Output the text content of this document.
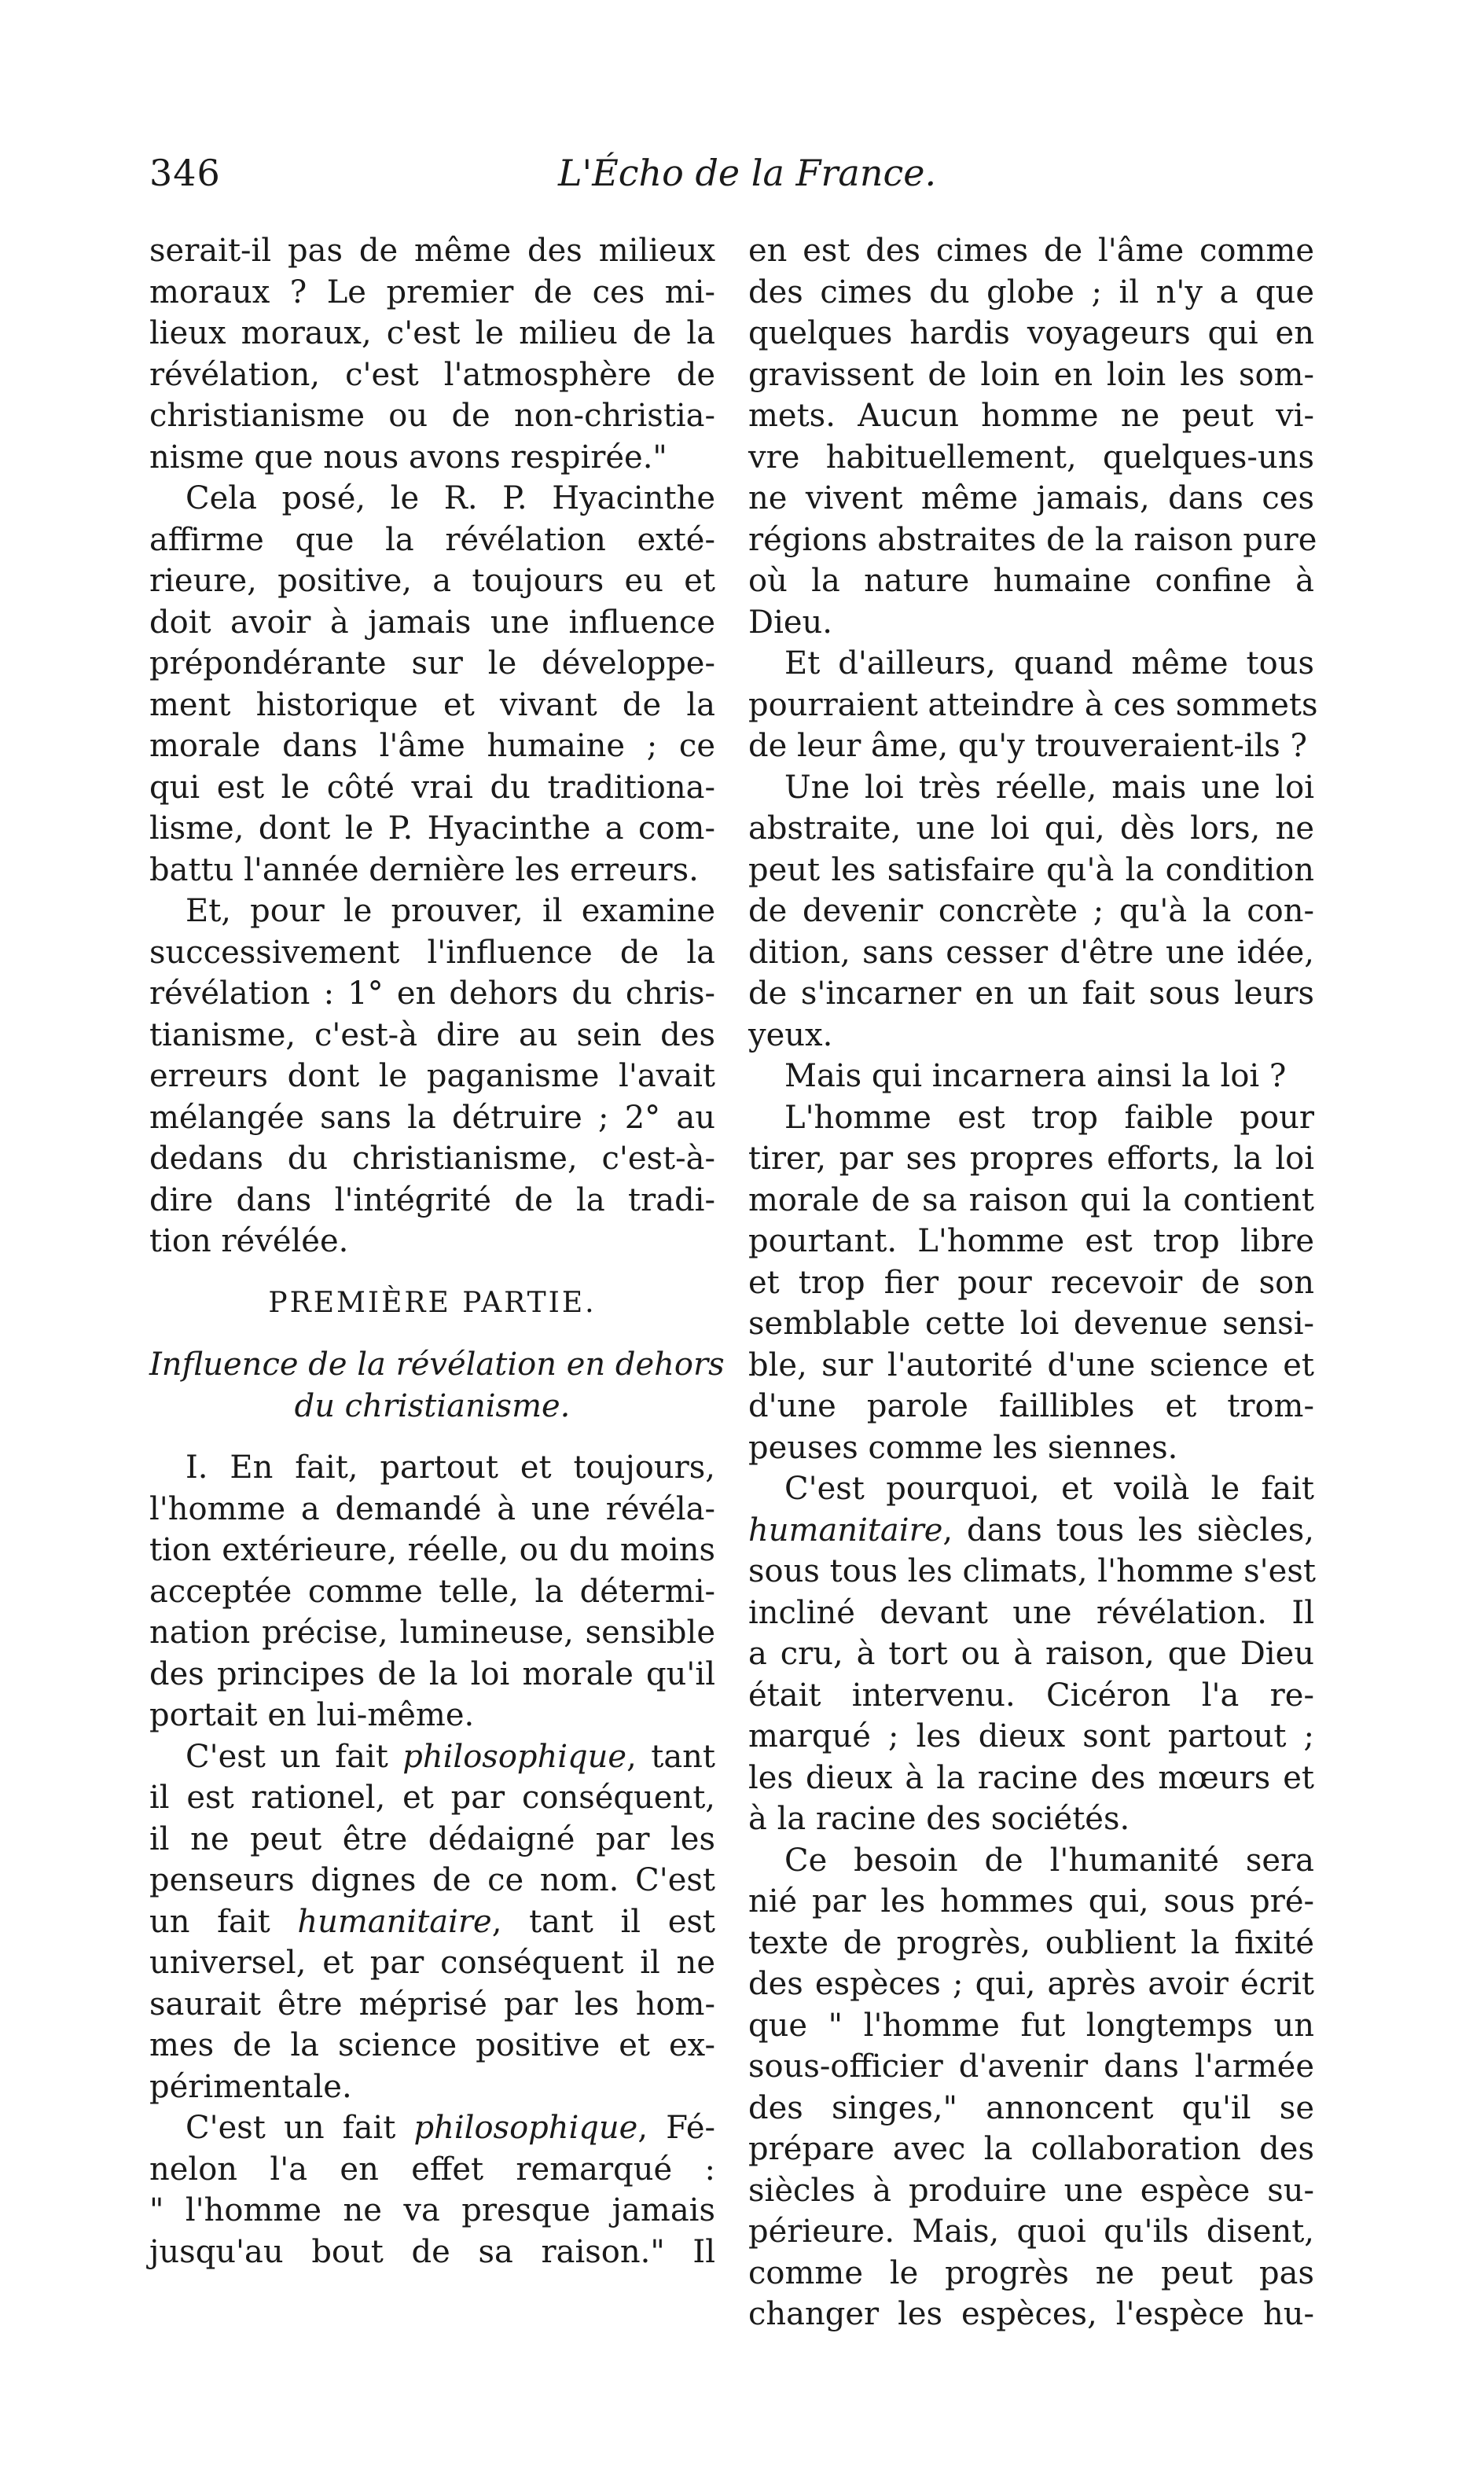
346	L'Écho de la France.
serait-il pas de même des milieux
moraux ? Le premier de ces mi-
lieux moraux, c'est le milieu de la
révélation, c'est l'atmosphère de
christianisme ou de non-christia-
nisme que nous avons respirée."
Cela posé, le R. P. Hyacinthe
affirme que la révélation exté-
rieure, positive, a toujours eu et
doit avoir à jamais une influence
prépondérante sur le développe-
ment historique et vivant de la
morale dans l'âme humaine ; ce
qui est le côté vrai du traditiona-
lisme, dont le P. Hyacinthe a com-
battu l'année dernière les erreurs.
Et, pour le prouver, il examine
successivement l'influence de la
révélation : 1° en dehors du chris-
tianisme, c'est-à dire au sein des
erreurs dont le paganisme l'avait
mélangée sans la détruire ; 2° au
dedans du christianisme, c'est-à-
dire dans l'intégrité de la tradi-
tion révélée.
PREMIÈRE PARTIE.
Influence de la révélation en dehors
du christianisme.
I. En fait, partout et toujours,
l'homme a demandé à une révéla-
tion extérieure, réelle, ou du moins
acceptée comme telle, la détermi-
nation précise, lumineuse, sensible
des principes de la loi morale qu'il
portait en lui-même.
C'est un fait philosophique, tant
il est rationel, et par conséquent,
il ne peut être dédaigné par les
penseurs dignes de ce nom. C'est
un fait humanitaire, tant il est
universel, et par conséquent il ne
saurait être méprisé par les hom-
mes de la science positive et ex-
périmentale.
C'est un fait philosophique, Fé-
nelon l'a en effet remarqué :
" l'homme ne va presque jamais
jusqu'au bout de sa raison." Il
en est des cimes de l'âme comme
des cimes du globe ; il n'y a que
quelques hardis voyageurs qui en
gravissent de loin en loin les som-
mets. Aucun homme ne peut vi-
vre habituellement, quelques-uns
ne vivent même jamais, dans ces
régions abstraites de la raison pure
où la nature humaine confine à
Dieu.
Et d'ailleurs, quand même tous
pourraient atteindre à ces sommets
de leur âme, qu'y trouveraient-ils ?
Une loi très réelle, mais une loi
abstraite, une loi qui, dès lors, ne
peut les satisfaire qu'à la condition
de devenir concrète ; qu'à la con-
dition, sans cesser d'être une idée,
de s'incarner en un fait sous leurs
yeux.
Mais qui incarnera ainsi la loi ?
L'homme est trop faible pour
tirer, par ses propres efforts, la loi
morale de sa raison qui la contient
pourtant. L'homme est trop libre
et trop fier pour recevoir de son
semblable cette loi devenue sensi-
ble, sur l'autorité d'une science et
d'une parole faillibles et trom-
peuses comme les siennes.
C'est pourquoi, et voilà le fait
humanitaire, dans tous les siècles,
sous tous les climats, l'homme s'est
incliné devant une révélation. Il
a cru, à tort ou à raison, que Dieu
était intervenu. Cicéron l'a re-
marqué ; les dieux sont partout ;
les dieux à la racine des mœurs et
à la racine des sociétés.
Ce besoin de l'humanité sera
nié par les hommes qui, sous pré-
texte de progrès, oublient la fixité
des espèces ; qui, après avoir écrit
que " l'homme fut longtemps un
sous-officier d'avenir dans l'armée
des singes," annoncent qu'il se
prépare avec la collaboration des
siècles à produire une espèce su-
périeure. Mais, quoi qu'ils disent,
comme le progrès ne peut pas
changer les espèces, l'espèce hu-
